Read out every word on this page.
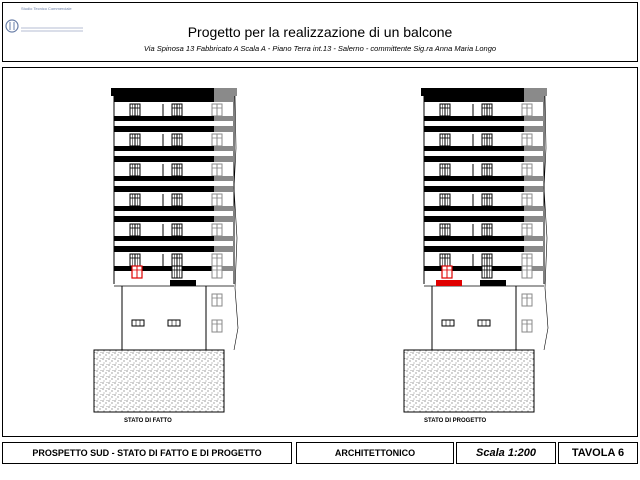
Studio Tecnico Commerciale
Progetto per la realizzazione di un balcone
Via Spinosa 13 Fabbricato A Scala A - Piano Terra int.13 - Salerno - committente Sig.ra Anna Maria Longo
STATO DI FATTO	STATO DI PROGETTO
PROSPETTO SUD - STATO DI FATTO E DI PROGETTO	ARCHITETTONICO	Scala 1:200	TAVOLA 6
